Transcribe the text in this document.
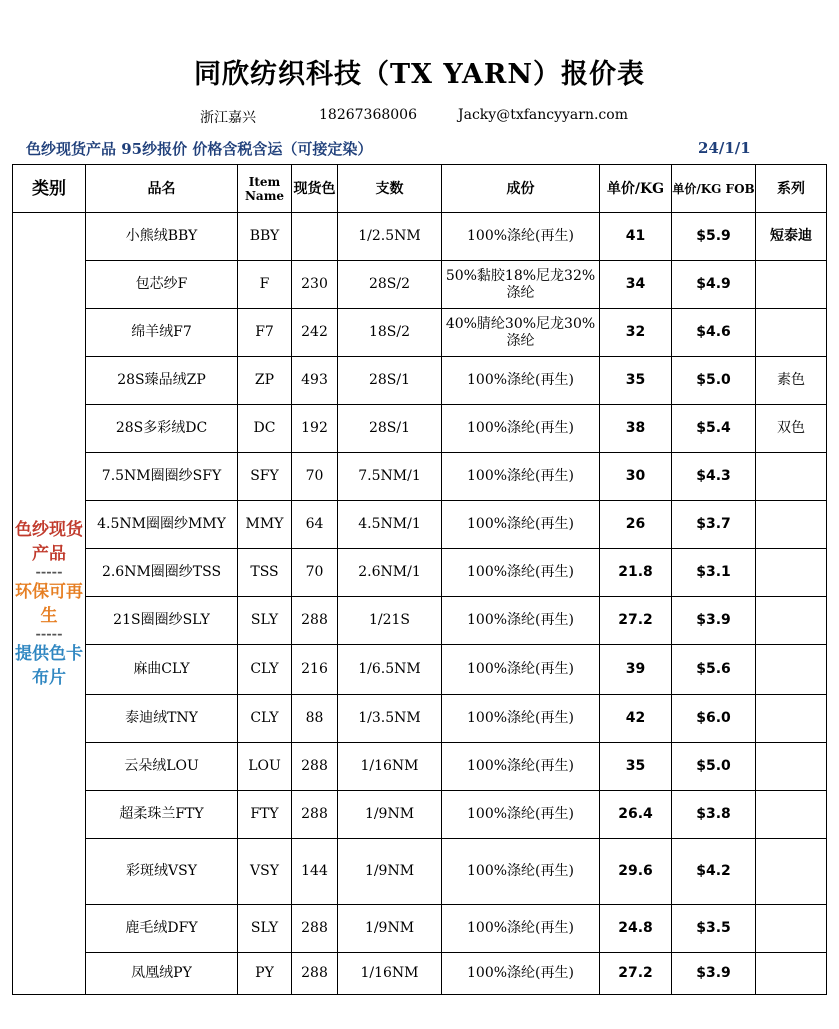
同欣纺织科技（TX YARN）报价表
浙江嘉兴	18267368006	Jacky@txfancyyarn.com
色纱现货产品 95纱报价 价格含税含运（可接定染）	24/1/1
类别	品名	Item Name	现货色	支数	成份	单价/KG	单价/KG FOB	系列

色纱现货产品
-----
环保可再生
-----
提供色卡布片	小熊绒BBY	BBY		1/2.5NM	100%涤纶(再生)	41	$5.9	短泰迪
	包芯纱F	F	230	28S/2	50%黏胶18%尼龙32%涤纶	34	$4.9	
	绵羊绒F7	F7	242	18S/2	40%腈纶30%尼龙30%涤纶	32	$4.6	
	28S臻品绒ZP	ZP	493	28S/1	100%涤纶(再生)	35	$5.0	素色
	28S多彩绒DC	DC	192	28S/1	100%涤纶(再生)	38	$5.4	双色
	7.5NM圈圈纱SFY	SFY	70	7.5NM/1	100%涤纶(再生)	30	$4.3	
	4.5NM圈圈纱MMY	MMY	64	4.5NM/1	100%涤纶(再生)	26	$3.7	
	2.6NM圈圈纱TSS	TSS	70	2.6NM/1	100%涤纶(再生)	21.8	$3.1	
	21S圈圈纱SLY	SLY	288	1/21S	100%涤纶(再生)	27.2	$3.9	
	麻曲CLY	CLY	216	1/6.5NM	100%涤纶(再生)	39	$5.6	
	泰迪绒TNY	CLY	88	1/3.5NM	100%涤纶(再生)	42	$6.0	
	云朵绒LOU	LOU	288	1/16NM	100%涤纶(再生)	35	$5.0	
	超柔珠兰FTY	FTY	288	1/9NM	100%涤纶(再生)	26.4	$3.8	
	彩斑绒VSY	VSY	144	1/9NM	100%涤纶(再生)	29.6	$4.2	
	鹿毛绒DFY	SLY	288	1/9NM	100%涤纶(再生)	24.8	$3.5	
	凤凰绒PY	PY	288	1/16NM	100%涤纶(再生)	27.2	$3.9	
